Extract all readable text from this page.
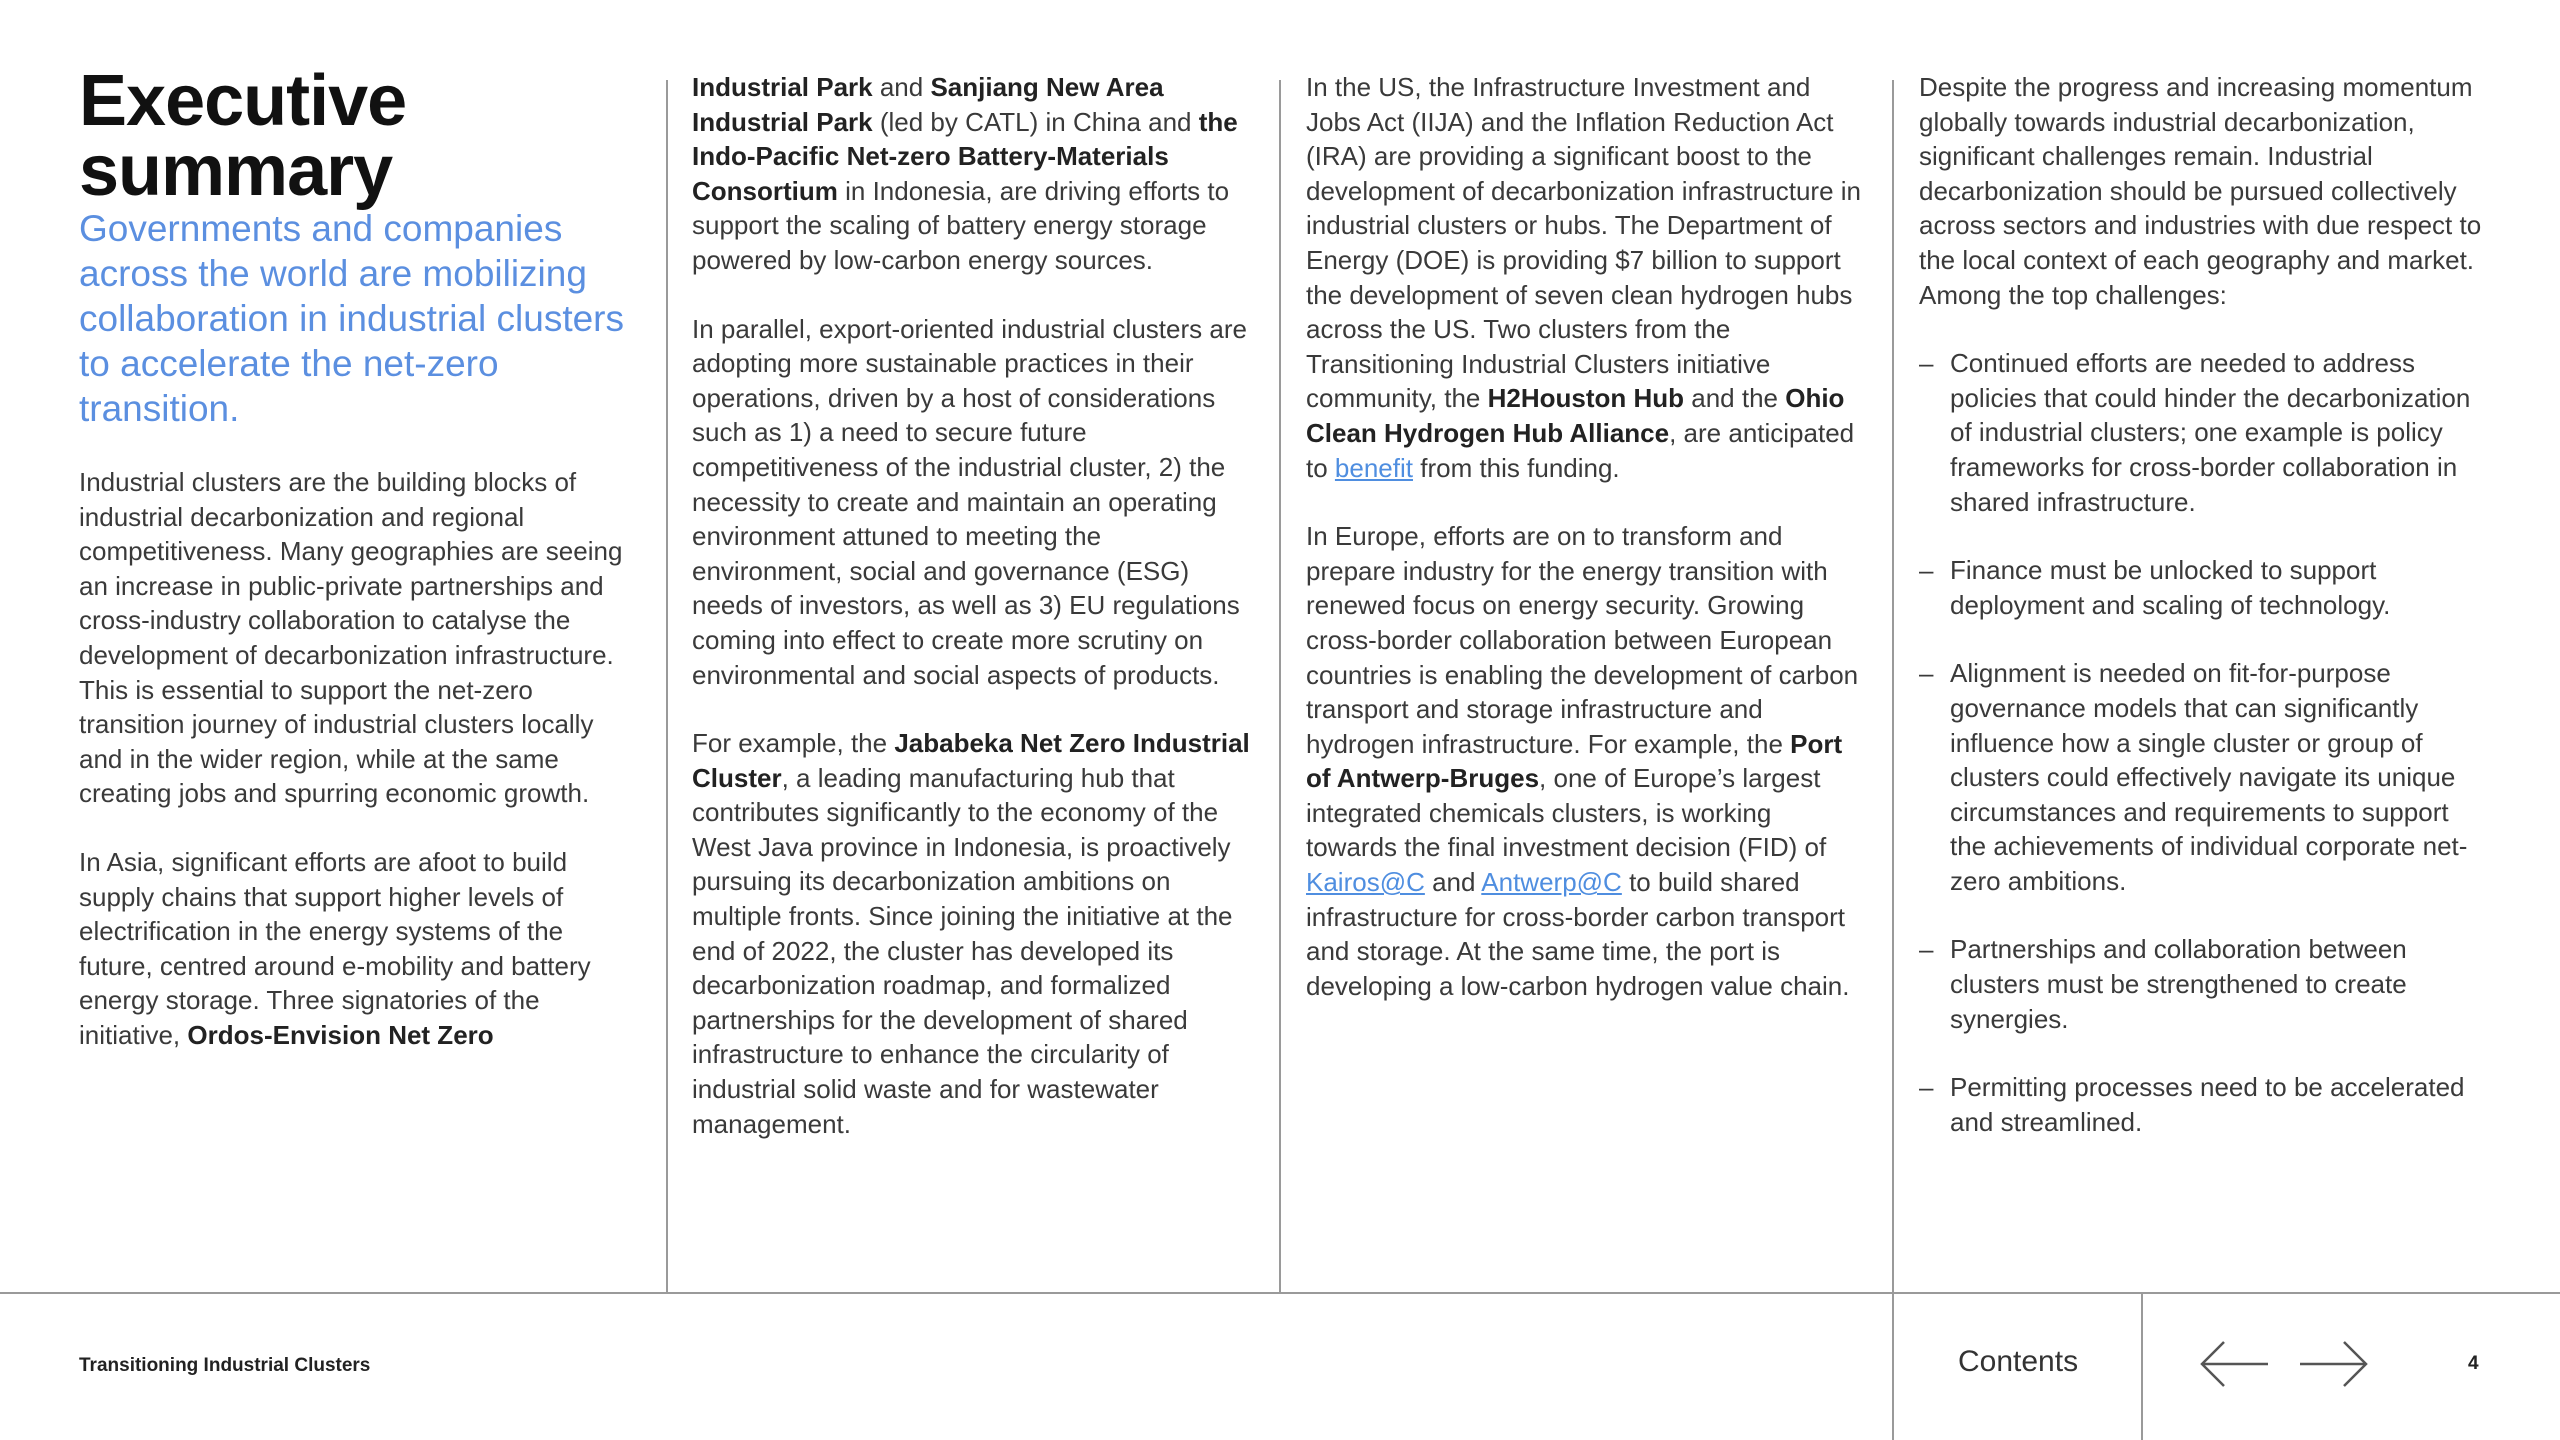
Executive summary

Governments and companies across the world are mobilizing collaboration in industrial clusters to accelerate the net-zero transition.

Industrial clusters are the building blocks of industrial decarbonization and regional competitiveness. Many geographies are seeing an increase in public-private partnerships and cross-industry collaboration to catalyse the development of decarbonization infrastructure. This is essential to support the net-zero transition journey of industrial clusters locally and in the wider region, while at the same creating jobs and spurring economic growth.

In Asia, significant efforts are afoot to build supply chains that support higher levels of electrification in the energy systems of the future, centred around e-mobility and battery energy storage. Three signatories of the initiative, Ordos-Envision Net Zero

Industrial Park and Sanjiang New Area Industrial Park (led by CATL) in China and the Indo-Pacific Net-zero Battery-Materials Consortium in Indonesia, are driving efforts to support the scaling of battery energy storage powered by low-carbon energy sources.

In parallel, export-oriented industrial clusters are adopting more sustainable practices in their operations, driven by a host of considerations such as 1) a need to secure future competitiveness of the industrial cluster, 2) the necessity to create and maintain an operating environment attuned to meeting the environment, social and governance (ESG) needs of investors, as well as 3) EU regulations coming into effect to create more scrutiny on environmental and social aspects of products.

For example, the Jababeka Net Zero Industrial Cluster, a leading manufacturing hub that contributes significantly to the economy of the West Java province in Indonesia, is proactively pursuing its decarbonization ambitions on multiple fronts. Since joining the initiative at the end of 2022, the cluster has developed its decarbonization roadmap, and formalized partnerships for the development of shared infrastructure to enhance the circularity of industrial solid waste and for wastewater management.

In the US, the Infrastructure Investment and Jobs Act (IIJA) and the Inflation Reduction Act (IRA) are providing a significant boost to the development of decarbonization infrastructure in industrial clusters or hubs. The Department of Energy (DOE) is providing $7 billion to support the development of seven clean hydrogen hubs across the US. Two clusters from the Transitioning Industrial Clusters initiative community, the H2Houston Hub and the Ohio Clean Hydrogen Hub Alliance, are anticipated to benefit from this funding.

In Europe, efforts are on to transform and prepare industry for the energy transition with renewed focus on energy security. Growing cross-border collaboration between European countries is enabling the development of carbon transport and storage infrastructure and hydrogen infrastructure. For example, the Port of Antwerp-Bruges, one of Europe’s largest integrated chemicals clusters, is working towards the final investment decision (FID) of Kairos@C and Antwerp@C to build shared infrastructure for cross-border carbon transport and storage. At the same time, the port is developing a low-carbon hydrogen value chain.

Despite the progress and increasing momentum globally towards industrial decarbonization, significant challenges remain. Industrial decarbonization should be pursued collectively across sectors and industries with due respect to the local context of each geography and market. Among the top challenges:

– Continued efforts are needed to address policies that could hinder the decarbonization of industrial clusters; one example is policy frameworks for cross-border collaboration in shared infrastructure.
– Finance must be unlocked to support deployment and scaling of technology.
– Alignment is needed on fit-for-purpose governance models that can significantly influence how a single cluster or group of clusters could effectively navigate its unique circumstances and requirements to support the achievements of individual corporate net-zero ambitions.
– Partnerships and collaboration between clusters must be strengthened to create synergies.
– Permitting processes need to be accelerated and streamlined.
Transitioning Industrial Clusters	Contents	4
